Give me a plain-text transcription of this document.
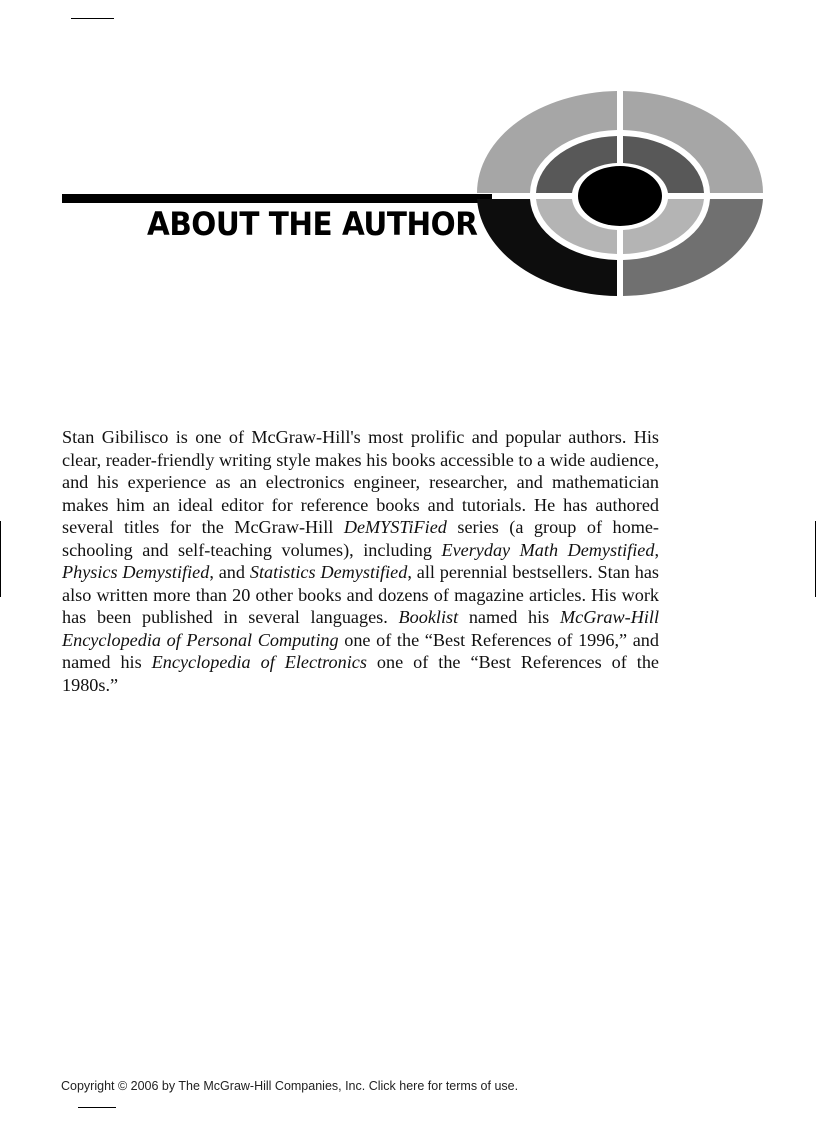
ABOUT THE AUTHOR

Stan Gibilisco is one of McGraw-Hill's most prolific and popular authors. His clear, reader-friendly writing style makes his books accessible to a wide audience, and his experience as an electronics engineer, researcher, and mathematician makes him an ideal editor for reference books and tutorials. He has authored several titles for the McGraw-Hill DeMYSTiFied series (a group of home-schooling and self-teaching volumes), including Everyday Math Demystified, Physics Demystified, and Statistics Demystified, all perennial bestsellers. Stan has also written more than 20 other books and dozens of magazine articles. His work has been published in several languages. Booklist named his McGraw-Hill Encyclopedia of Personal Computing one of the “Best References of 1996,” and named his Encyclopedia of Electronics one of the “Best References of the 1980s.”

Copyright © 2006 by The McGraw-Hill Companies, Inc. Click here for terms of use.
